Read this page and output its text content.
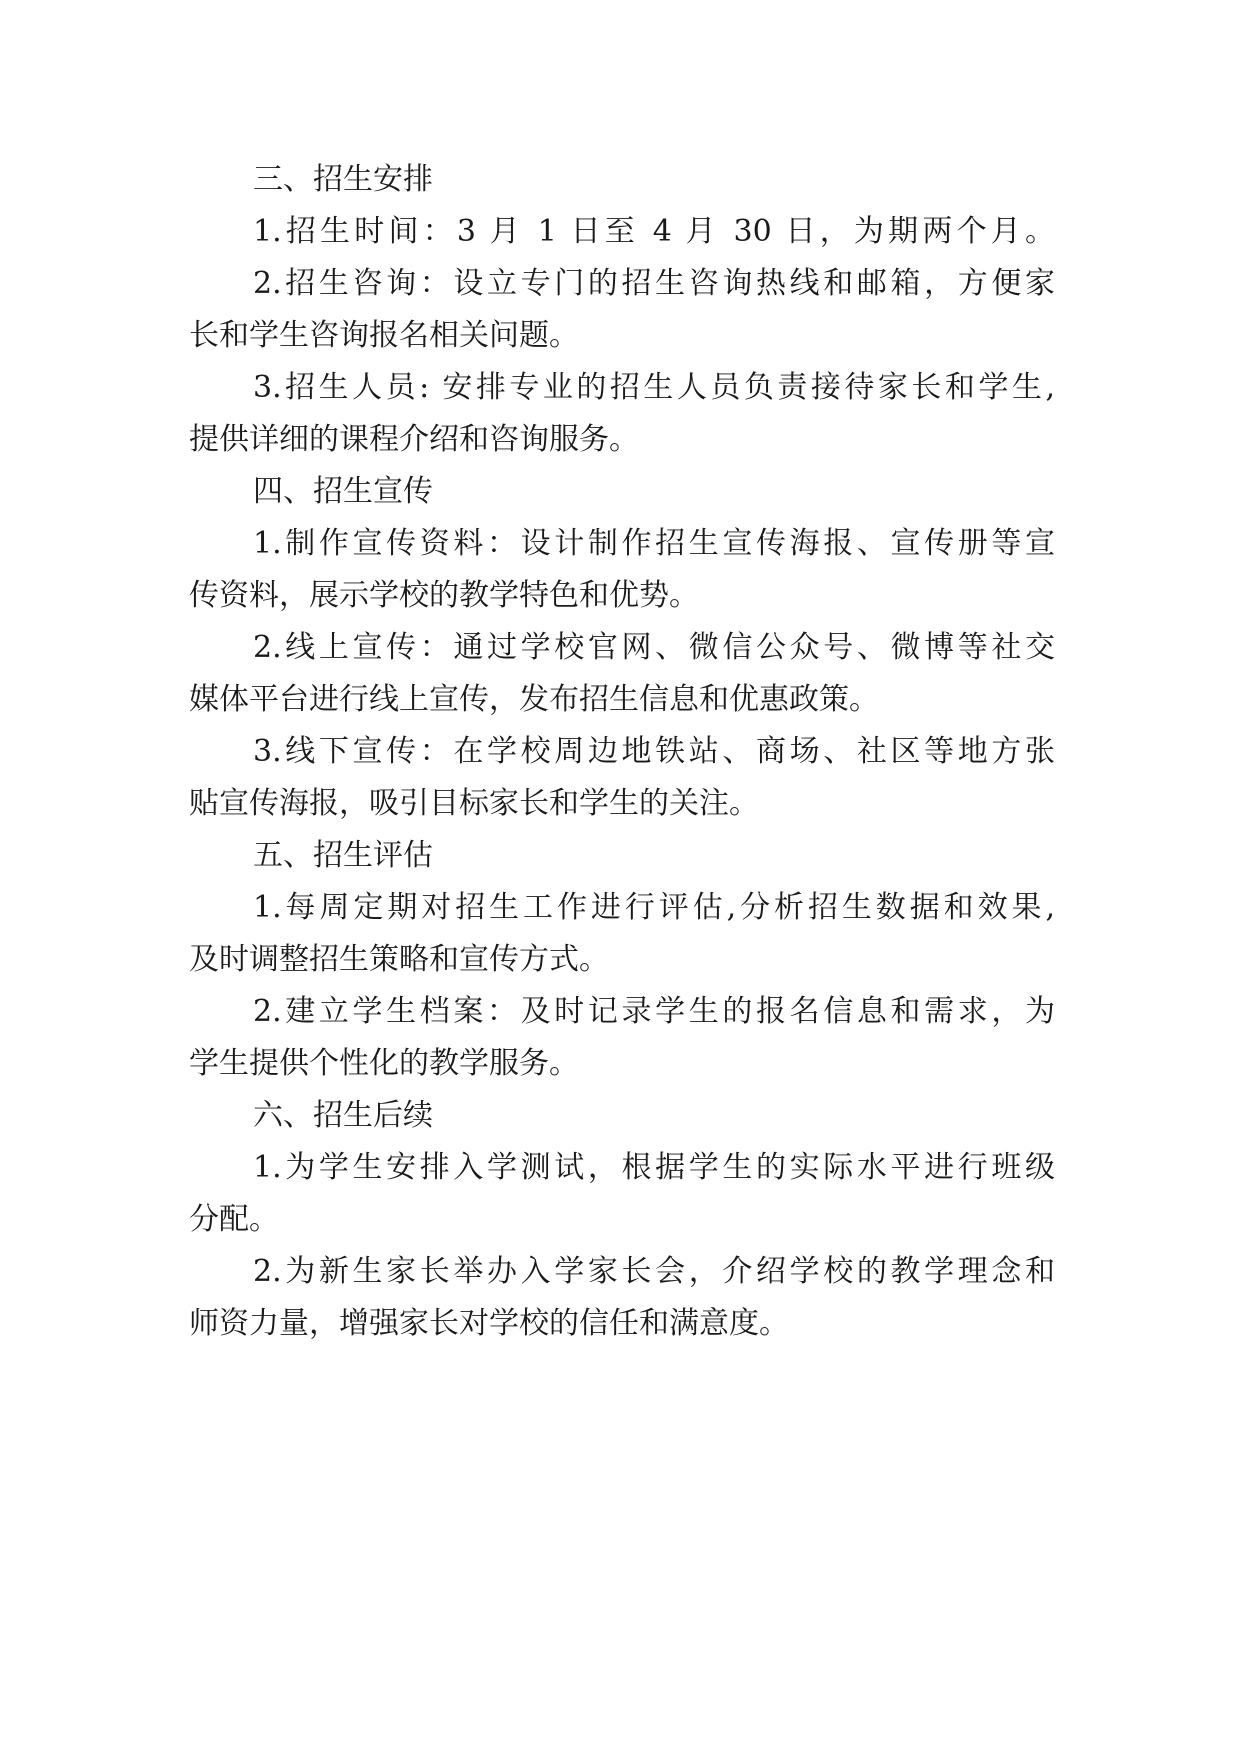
三、招生安排
1.招生时间：3 月 1 日至 4 月 30 日，为期两个月。
2.招生咨询：设立专门的招生咨询热线和邮箱，方便家
长和学生咨询报名相关问题。
3.招生人员: 安排专业的招生人员负责接待家长和学生,
提供详细的课程介绍和咨询服务。
四、招生宣传
1.制作宣传资料：设计制作招生宣传海报、宣传册等宣
传资料，展示学校的教学特色和优势。
2.线上宣传：通过学校官网、微信公众号、微博等社交
媒体平台进行线上宣传，发布招生信息和优惠政策。
3.线下宣传：在学校周边地铁站、商场、社区等地方张
贴宣传海报，吸引目标家长和学生的关注。
五、招生评估
1.每周定期对招生工作进行评估,分析招生数据和效果,
及时调整招生策略和宣传方式。
2.建立学生档案：及时记录学生的报名信息和需求，为
学生提供个性化的教学服务。
六、招生后续
1.为学生安排入学测试，根据学生的实际水平进行班级
分配。
2.为新生家长举办入学家长会，介绍学校的教学理念和
师资力量，增强家长对学校的信任和满意度。
